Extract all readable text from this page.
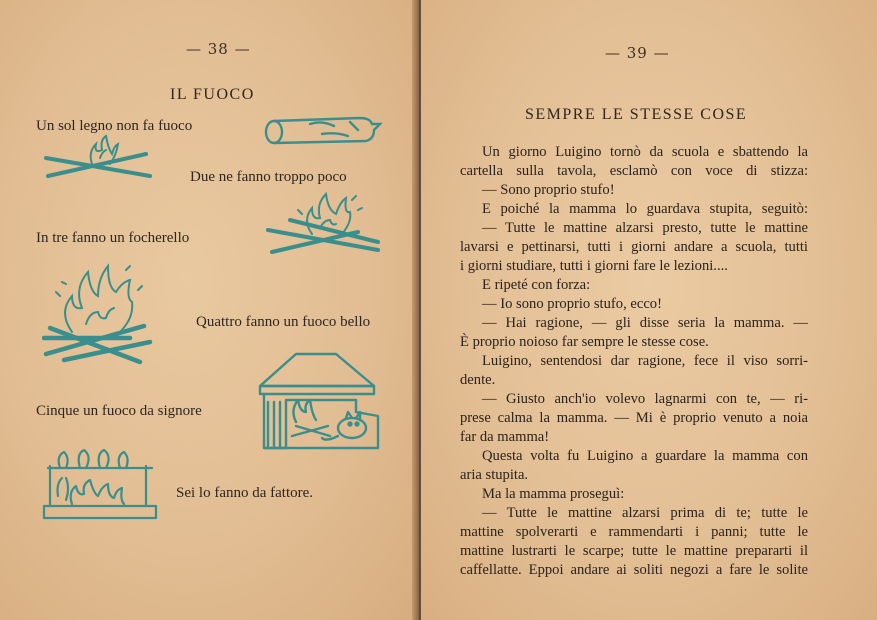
— 38 —
IL FUOCO
Un sol legno non fa fuoco
Due ne fanno troppo poco
In tre fanno un focherello
Quattro fanno un fuoco bello
Cinque un fuoco da signore
Sei lo fanno da fattore.
— 39 —
SEMPRE LE STESSE COSE
Un giorno Luigino tornò da scuola e sbattendo la
cartella sulla tavola, esclamò con voce di stizza:
— Sono proprio stufo!
E poiché la mamma lo guardava stupita, seguitò:
— Tutte le mattine alzarsi presto, tutte le mattine
lavarsi e pettinarsi, tutti i giorni andare a scuola, tutti
i giorni studiare, tutti i giorni fare le lezioni....
E ripeté con forza:
— Io sono proprio stufo, ecco!
— Hai ragione, — gli disse seria la mamma. —
È proprio noioso far sempre le stesse cose.
Luigino, sentendosi dar ragione, fece il viso sorri-
dente.
— Giusto anch'io volevo lagnarmi con te, — ri-
prese calma la mamma. — Mi è proprio venuto a noia
far da mamma!
Questa volta fu Luigino a guardare la mamma con
aria stupita.
Ma la mamma proseguì:
— Tutte le mattine alzarsi prima di te; tutte le
mattine spolverarti e rammendarti i panni; tutte le
mattine lustrarti le scarpe; tutte le mattine prepararti il
caffellatte. Eppoi andare ai soliti negozi a fare le solite
